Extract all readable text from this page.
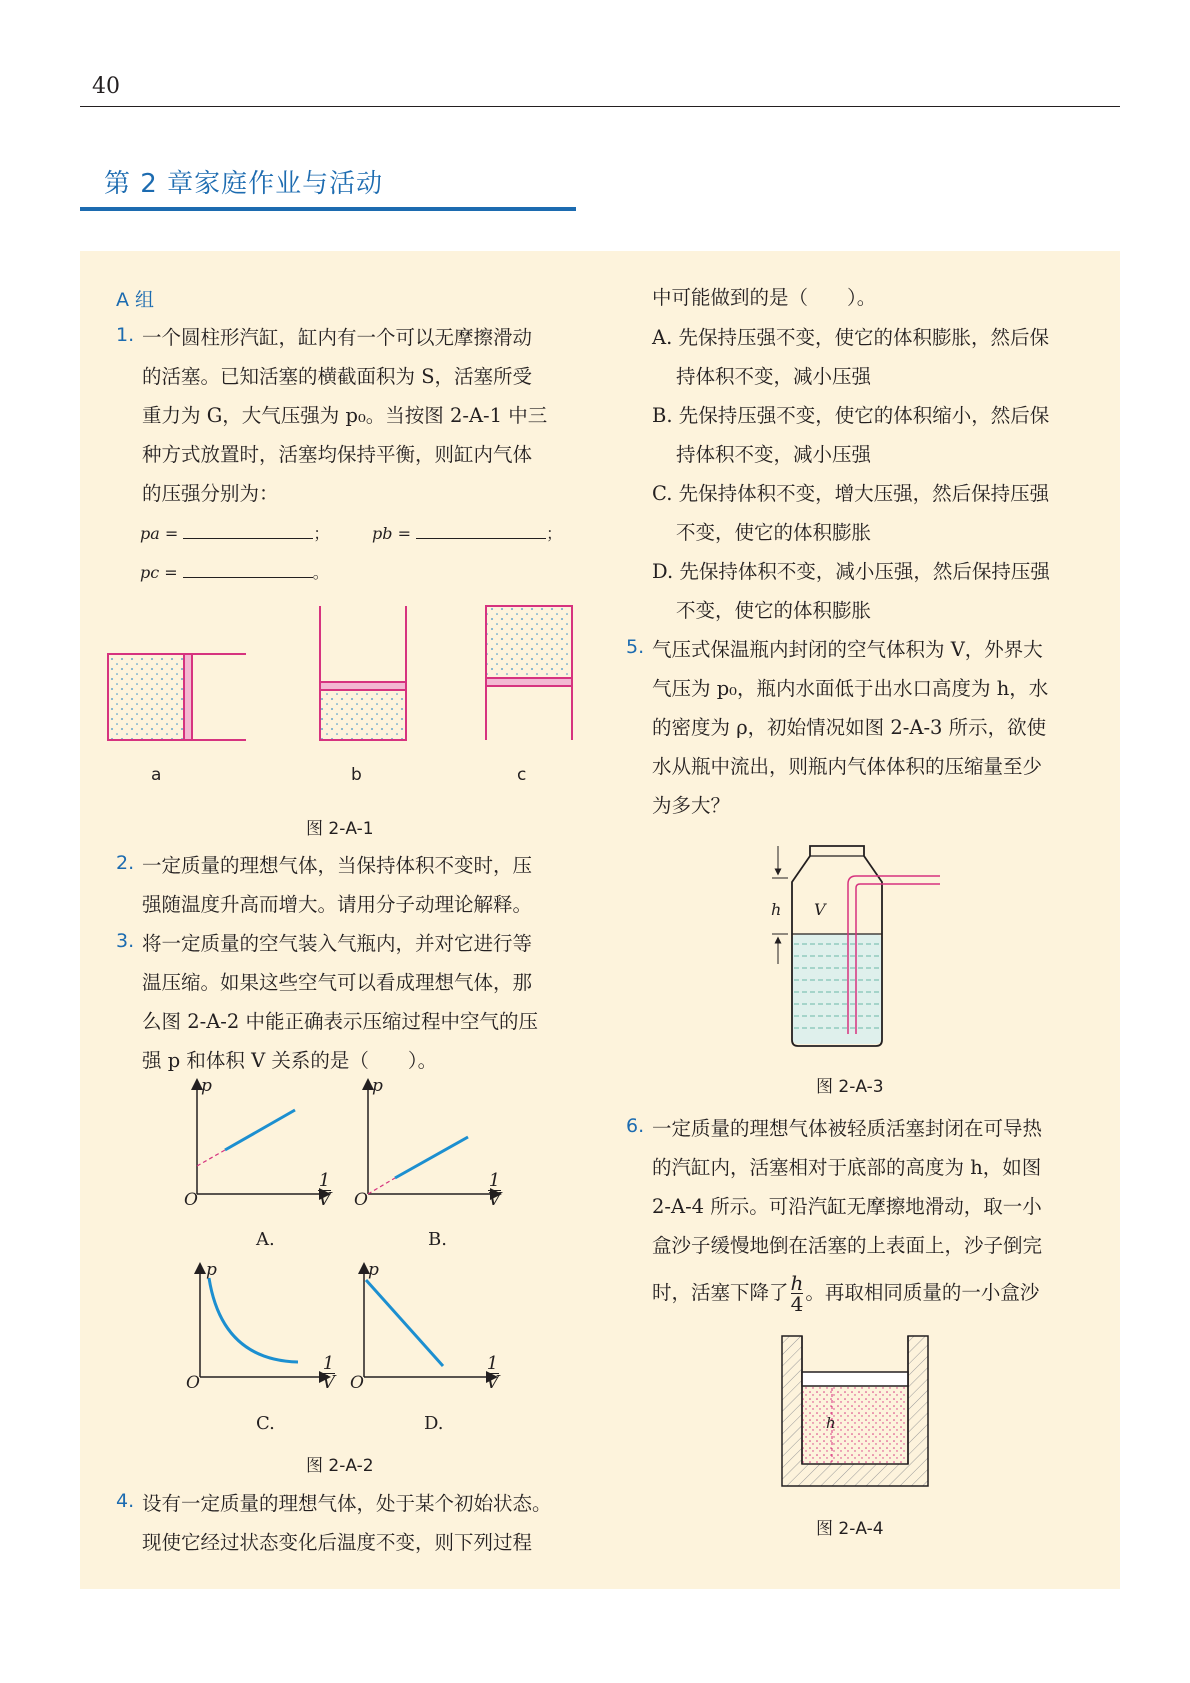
40
第 2 章家庭作业与活动
A 组
1. 一个圆柱形汽缸，缸内有一个可以无摩擦滑动
的活塞。已知活塞的横截面积为 S，活塞所受
重力为 G，大气压强为 p₀。当按图 2-A-1 中三
种方式放置时，活塞均保持平衡，则缸内气体
的压强分别为：
pa =	；	pb =	；
pc =	。
a	b	c
图 2-A-1
2. 一定质量的理想气体，当保持体积不变时，压
强随温度升高而增大。请用分子动理论解释。
3. 将一定质量的空气装入气瓶内，并对它进行等
温压缩。如果这些空气可以看成理想气体，那
么图 2-A-2 中能正确表示压缩过程中空气的压
强 p 和体积 V 关系的是（　　）。
p
O	$\frac{1}{V}$
p
O	$\frac{1}{V}$
A.	B.
p
O	$\frac{1}{V}$
p
O	$\frac{1}{V}$
C.	D.
图 2-A-2
4. 设有一定质量的理想气体，处于某个初始状态。
现使它经过状态变化后温度不变，则下列过程
中可能做到的是（　　）。
A. 先保持压强不变，使它的体积膨胀，然后保
持体积不变，减小压强
B. 先保持压强不变，使它的体积缩小，然后保
持体积不变，减小压强
C. 先保持体积不变，增大压强，然后保持压强
不变，使它的体积膨胀
D. 先保持体积不变，减小压强，然后保持压强
不变，使它的体积膨胀
5. 气压式保温瓶内封闭的空气体积为 V，外界大
气压为 p₀，瓶内水面低于出水口高度为 h，水
的密度为 ρ，初始情况如图 2-A-3 所示，欲使
水从瓶中流出，则瓶内气体体积的压缩量至少
为多大？
h V
图 2-A-3
6. 一定质量的理想气体被轻质活塞封闭在可导热
的汽缸内，活塞相对于底部的高度为 h，如图
2-A-4 所示。可沿汽缸无摩擦地滑动，取一小
盒沙子缓慢地倒在活塞的上表面上，沙子倒完
时，活塞下降了 $\frac{h}{4}$ 。再取相同质量的一小盒沙
h
图 2-A-4
